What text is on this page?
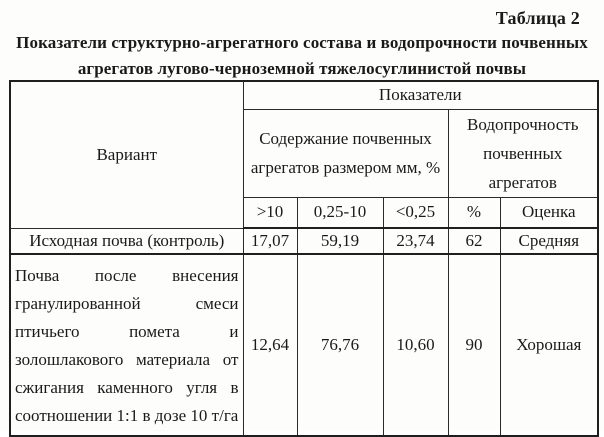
Таблица 2
Показатели структурно-агрегатного состава и водопрочности почвенных
агрегатов лугово-черноземной тяжелосуглинистой почвы
Вариант	Показатели				
	Содержание почвенных агрегатов размером мм, %			Водопрочность почвенных агрегатов	
	>10	0,25-10	<0,25	%	Оценка
Исходная почва (контроль)	17,07	59,19	23,74	62	Средняя

Почва после внесения
гранулированной смеси
птичьего помета и
золошлакового материала от
сжигания каменного угля в
соотношении 1:1 в дозе 10 т/га
	12,64	76,76	10,60	90	Хорошая
